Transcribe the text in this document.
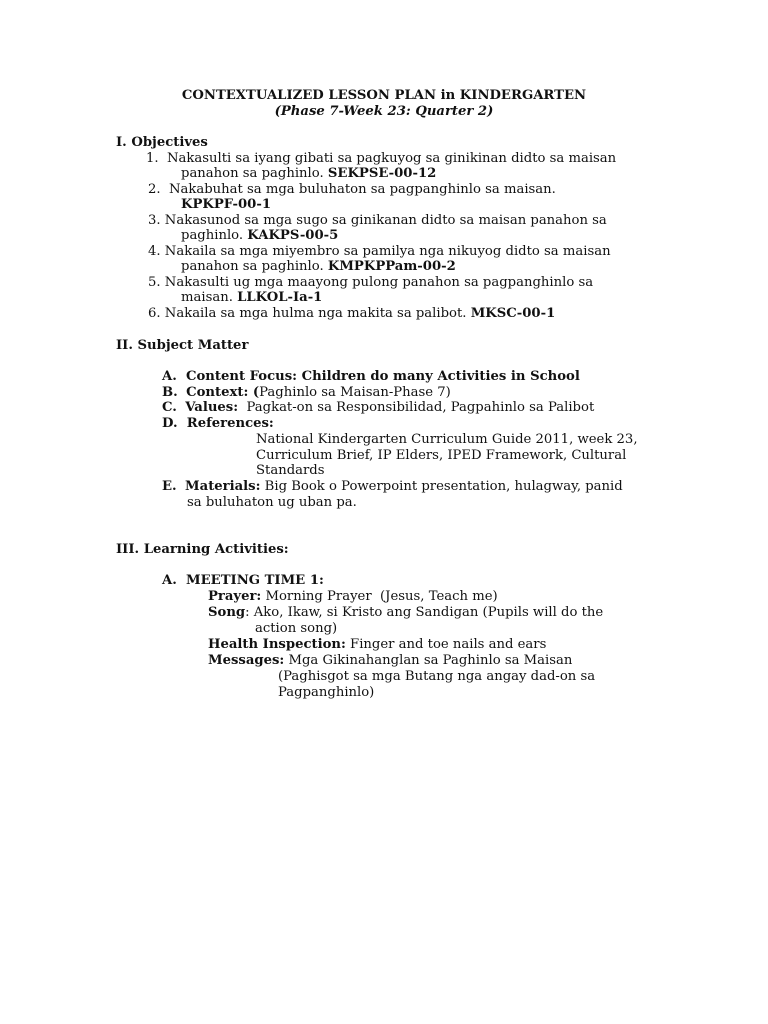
CONTEXTUALIZED LESSON PLAN in KINDERGARTEN
(Phase 7-Week 23: Quarter 2)
I. Objectives
1. Nakasulti sa iyang gibati sa pagkuyog sa ginikinan didto sa maisan
panahon sa paghinlo. SEKPSE-00-12
2. Nakabuhat sa mga buluhaton sa pagpanghinlo sa maisan.
KPKPF-00-1
3. Nakasunod sa mga sugo sa ginikanan didto sa maisan panahon sa
paghinlo. KAKPS-00-5
4. Nakaila sa mga miyembro sa pamilya nga nikuyog didto sa maisan
panahon sa paghinlo. KMPKPPam-00-2
5. Nakasulti ug mga maayong pulong panahon sa pagpanghinlo sa
maisan. LLKOL-Ia-1
6. Nakaila sa mga hulma nga makita sa palibot. MKSC-00-1
II. Subject Matter
A. Content Focus: Children do many Activities in School
B. Context: (Paghinlo sa Maisan-Phase 7)
C. Values:  Pagkat-on sa Responsibilidad, Pagpahinlo sa Palibot
D. References:
National Kindergarten Curriculum Guide 2011, week 23,
Curriculum Brief, IP Elders, IPED Framework, Cultural
Standards
E. Materials: Big Book o Powerpoint presentation, hulagway, panid
sa buluhaton ug uban pa.
III. Learning Activities:
A. MEETING TIME 1:
Prayer: Morning Prayer  (Jesus, Teach me)
Song: Ako, Ikaw, si Kristo ang Sandigan (Pupils will do the
action song)
Health Inspection: Finger and toe nails and ears
Messages: Mga Gikinahanglan sa Paghinlo sa Maisan
(Paghisgot sa mga Butang nga angay dad-on sa
Pagpanghinlo)
